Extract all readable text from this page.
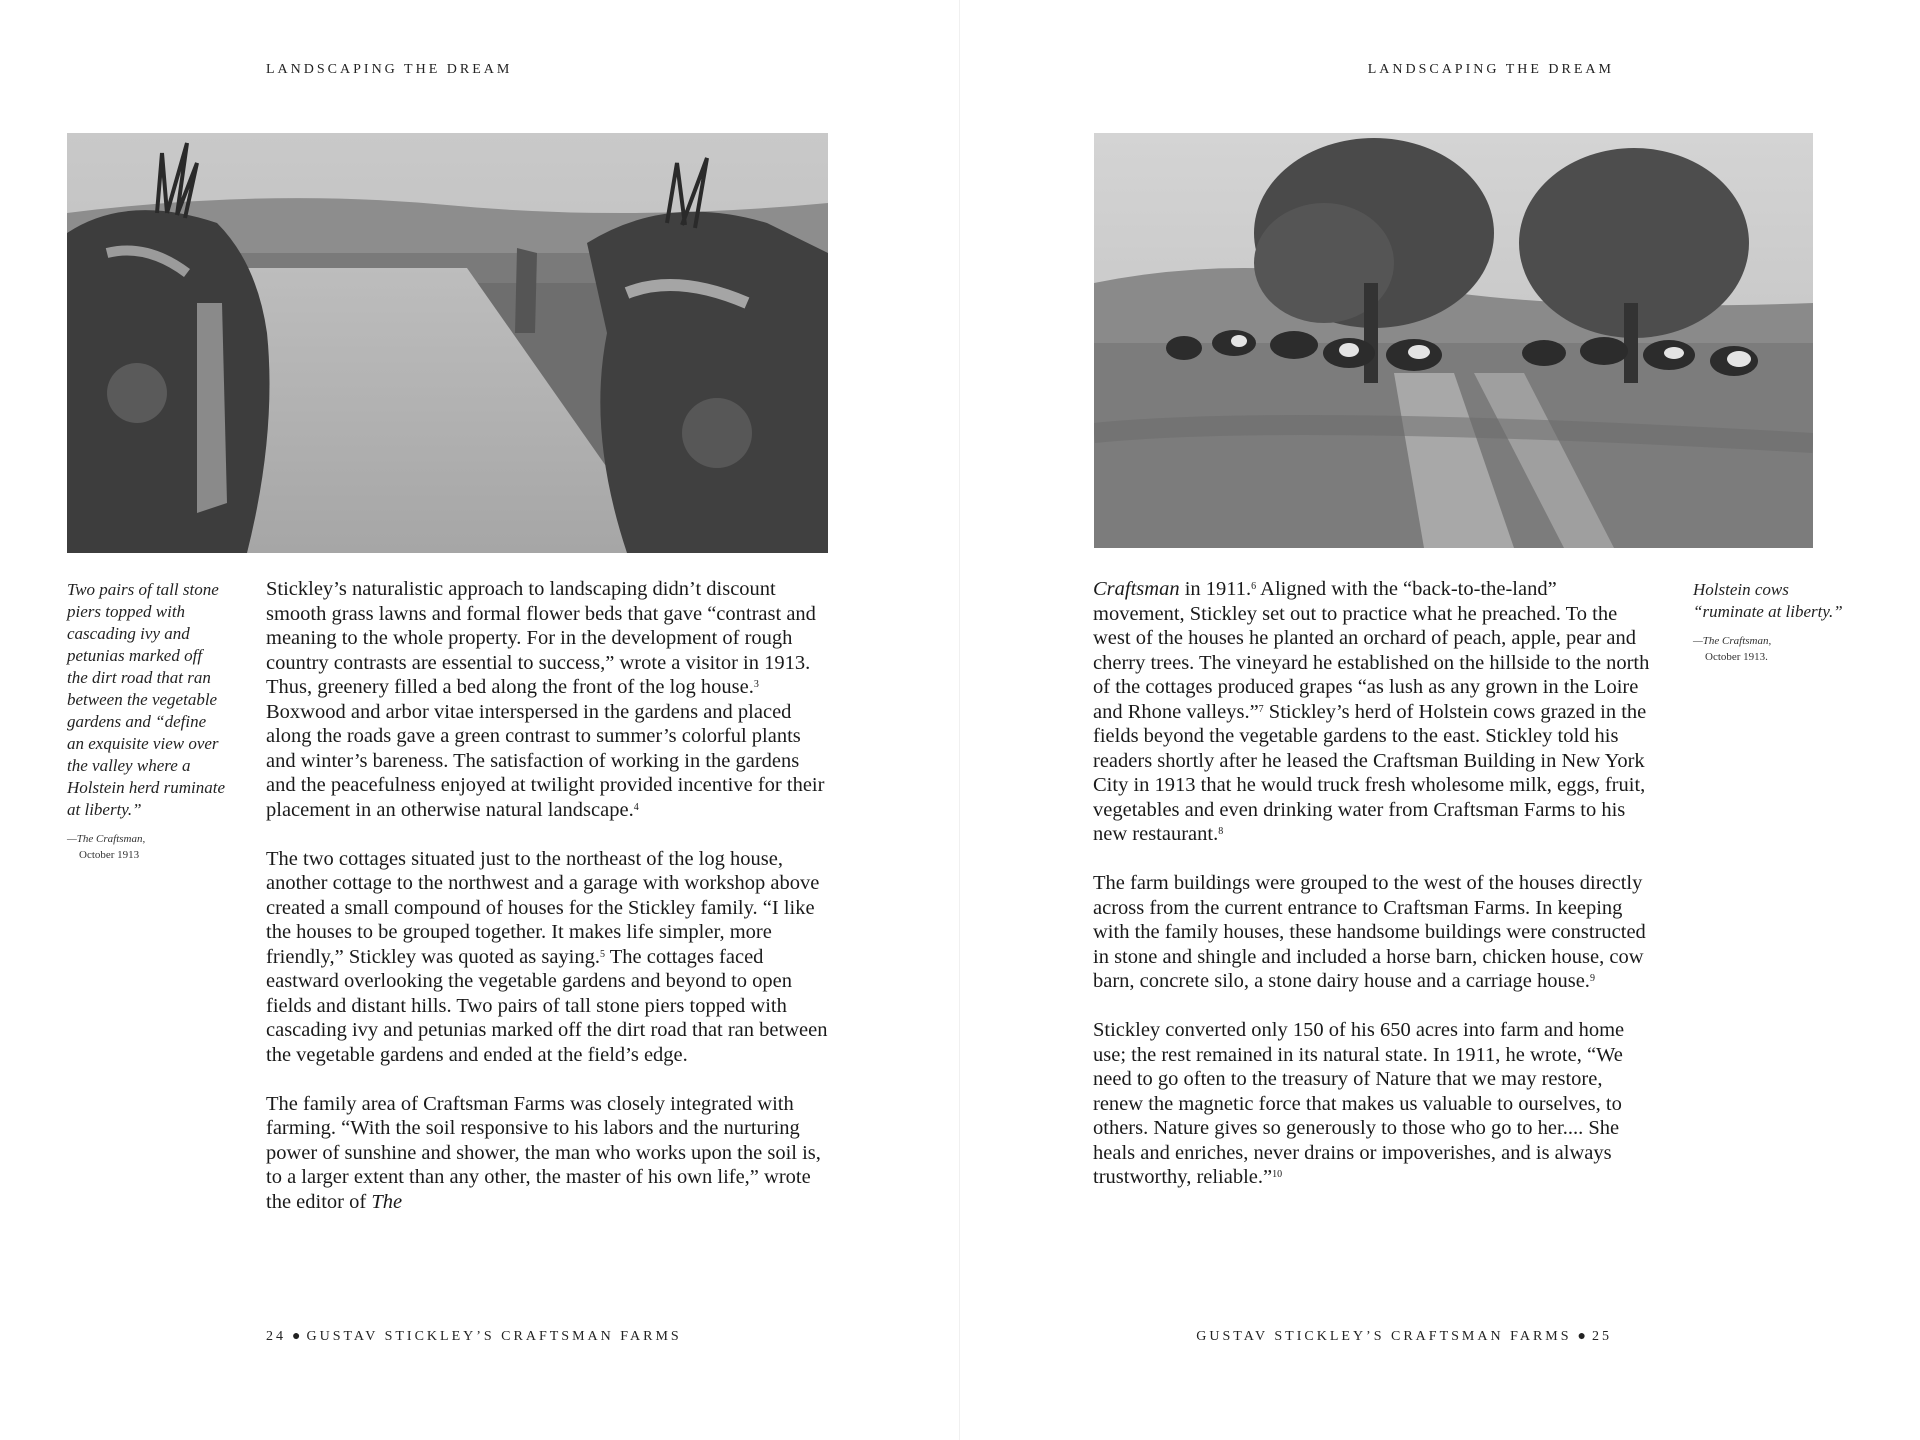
LANDSCAPING THE DREAM
Two pairs of tall stone piers topped with cascading ivy and petunias marked off the dirt road that ran between the vegetable gardens and “define an exquisite view over the valley where a Holstein herd ruminate at liberty.”
—The Craftsman,
October 1913

Stickley’s naturalistic approach to landscaping didn’t discount smooth grass lawns and formal flower beds that gave “contrast and meaning to the whole property. For in the development of rough country contrasts are essential to success,” wrote a visitor in 1913. Thus, greenery filled a bed along the front of the log house.$^3$ Boxwood and arbor vitae interspersed in the gardens and placed along the roads gave a green contrast to summer’s colorful plants and winter’s bareness. The satisfaction of working in the gardens and the peacefulness enjoyed at twilight provided incentive for their placement in an otherwise natural landscape.$^4$

The two cottages situated just to the northeast of the log house, another cottage to the northwest and a garage with workshop above created a small compound of houses for the Stickley family. “I like the houses to be grouped together. It makes life simpler, more friendly,” Stickley was quoted as saying.$^5$ The cottages faced eastward overlooking the vegetable gardens and beyond to open fields and distant hills. Two pairs of tall stone piers topped with cascading ivy and petunias marked off the dirt road that ran between the vegetable gardens and ended at the field’s edge.

The family area of Craftsman Farms was closely integrated with farming. “With the soil responsive to his labors and the nurturing power of sunshine and shower, the man who works upon the soil is, to a larger extent than any other, the master of his own life,” wrote the editor of The

24 ● GUSTAV STICKLEY’S CRAFTSMAN FARMS
LANDSCAPING THE DREAM
Holstein cows “ruminate at liberty.”
—The Craftsman,
October 1913.

Craftsman in 1911.$^6$ Aligned with the “back-to-the-land” movement, Stickley set out to practice what he preached. To the west of the houses he planted an orchard of peach, apple, pear and cherry trees. The vineyard he established on the hillside to the north of the cottages produced grapes “as lush as any grown in the Loire and Rhone valleys.”$^7$ Stickley’s herd of Holstein cows grazed in the fields beyond the vegetable gardens to the east. Stickley told his readers shortly after he leased the Craftsman Building in New York City in 1913 that he would truck fresh wholesome milk, eggs, fruit, vegetables and even drinking water from Craftsman Farms to his new restaurant.$^8$

The farm buildings were grouped to the west of the houses directly across from the current entrance to Craftsman Farms. In keeping with the family houses, these handsome buildings were constructed in stone and shingle and included a horse barn, chicken house, cow barn, concrete silo, a stone dairy house and a carriage house.$^9$

Stickley converted only 150 of his 650 acres into farm and home use; the rest remained in its natural state. In 1911, he wrote, “We need to go often to the treasury of Nature that we may restore, renew the magnetic force that makes us valuable to ourselves, to others. Nature gives so generously to those who go to her.... She heals and enriches, never drains or impoverishes, and is always trustworthy, reliable.”$^{10}$

GUSTAV STICKLEY’S CRAFTSMAN FARMS ● 25
